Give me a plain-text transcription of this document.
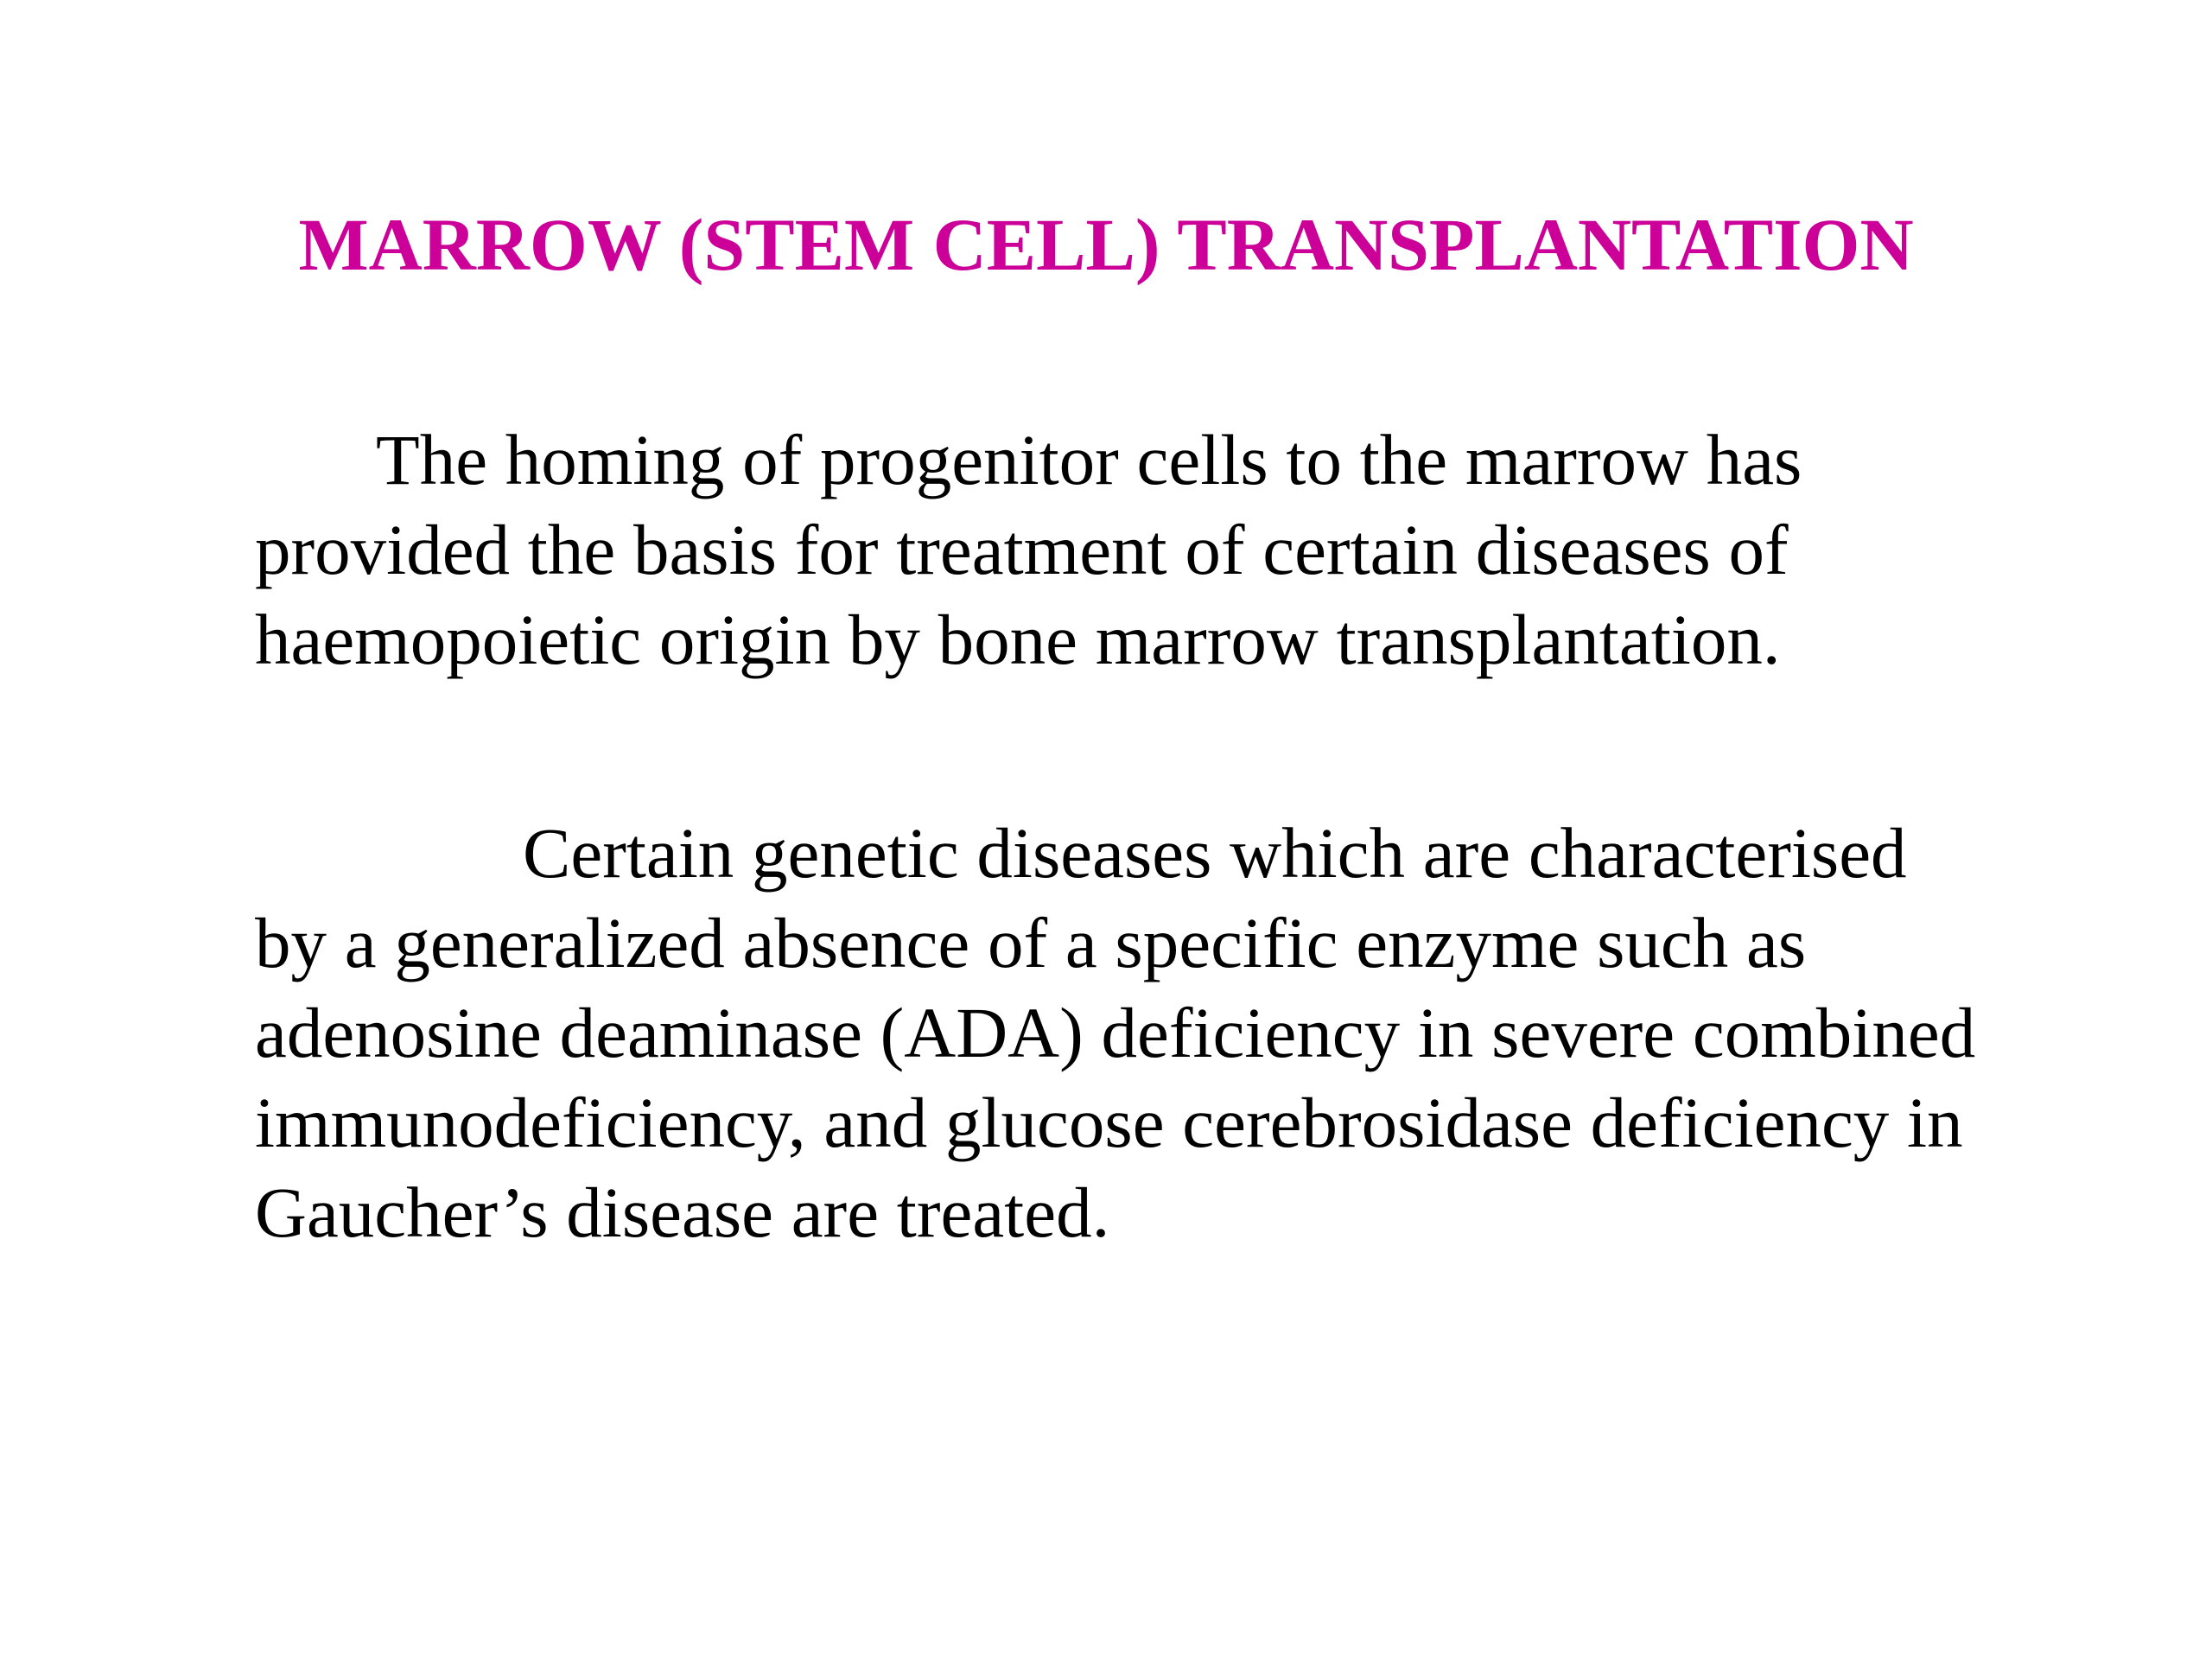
MARROW (STEM CELL) TRANSPLANTATION
The homing of progenitor cells to the marrow has
provided the basis for treatment of certain diseases of
haemopoietic origin by bone marrow transplantation.
Certain genetic diseases which are characterised
by a generalized absence of a specific enzyme such as
adenosine deaminase (ADA) deficiency in severe combined
immunodeficiency, and glucose cerebrosidase deficiency in
Gaucher’s disease are treated.
